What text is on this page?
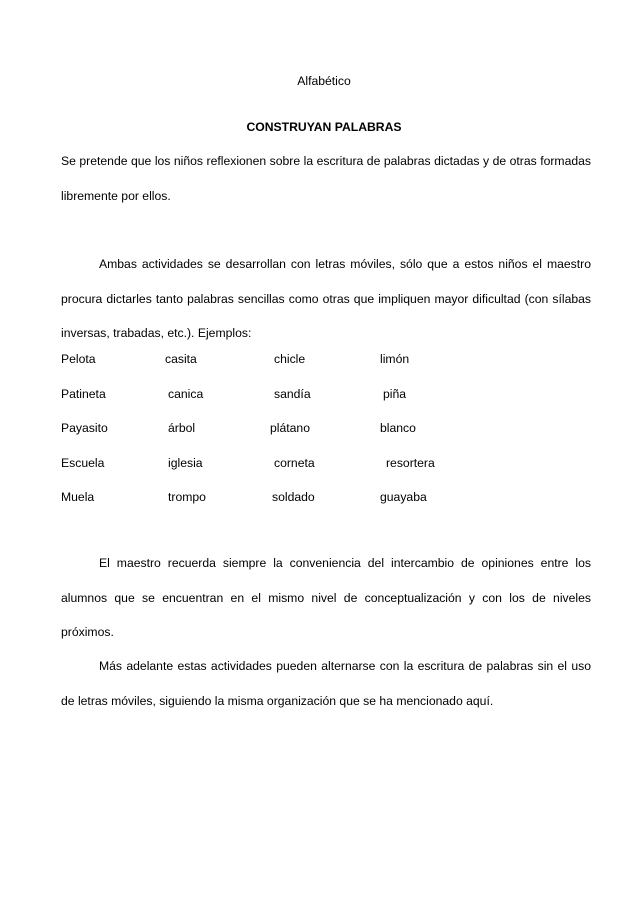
Alfabético
CONSTRUYAN PALABRAS
Se pretende que los niños reflexionen sobre la escritura de palabras dictadas y de otras formadas libremente por ellos.
Ambas actividades se desarrollan con letras móviles, sólo que a estos niños el maestro procura dictarles tanto palabras sencillas como otras que impliquen mayor dificultad (con sílabas inversas, trabadas, etc.). Ejemplos:
Pelota	casita	chicle	limón
Patineta	canica	sandía	piña
Payasito	árbol	plátano	blanco
Escuela	iglesia	corneta	resortera
Muela	trompo	soldado	guayaba
El maestro recuerda siempre la conveniencia del intercambio de opiniones entre los alumnos que se encuentran en el mismo nivel de conceptualización y con los de niveles próximos.
Más adelante estas actividades pueden alternarse con la escritura de palabras sin el uso de letras móviles, siguiendo la misma organización que se ha mencionado aquí.
